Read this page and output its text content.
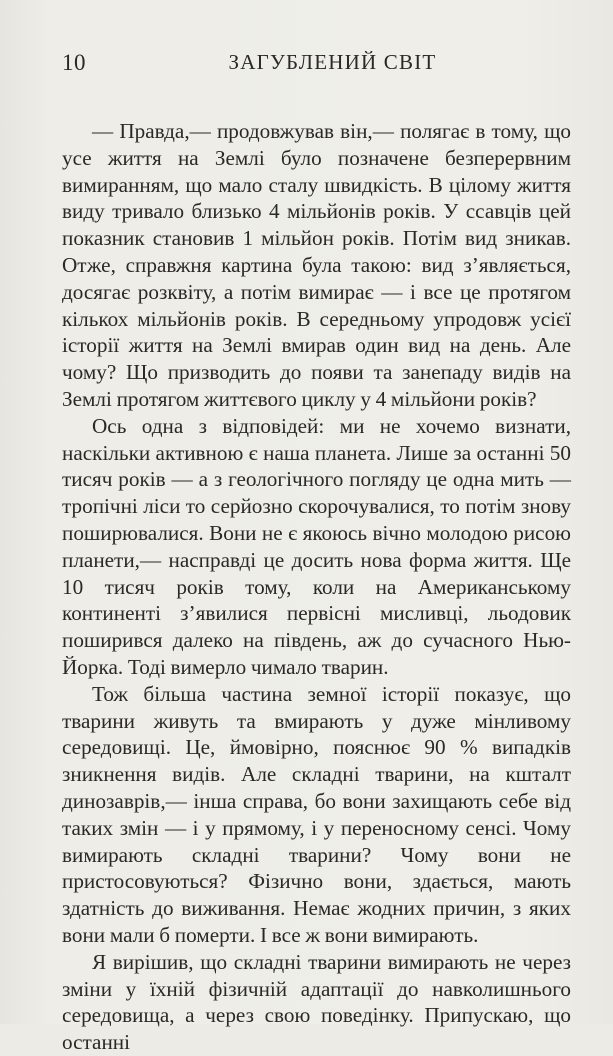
10	ЗАГУБЛЕНИЙ СВІТ

— Правда,— продовжував він,— полягає в тому, що усе життя на Землі було позначене безперервним вимиранням, що мало сталу швидкість. В цілому життя виду тривало близько 4 мільйонів років. У ссавців цей показник становив 1 мільйон років. Потім вид зникав. Отже, справжня картина була такою: вид з’являється, досягає розквіту, а потім вимирає — і все це протягом кількох мільйонів років. В середньому упродовж усієї історії життя на Землі вмирав один вид на день. Але чому? Що призводить до появи та занепаду видів на Землі протягом життєвого циклу у 4 мільйони років?

Ось одна з відповідей: ми не хочемо визнати, наскільки активною є наша планета. Лише за останні 50 тисяч років — а з геологічного погляду це одна мить — тропічні ліси то серйозно скорочувалися, то потім знову поширювалися. Вони не є якоюсь вічно молодою рисою планети,— насправді це досить нова форма життя. Ще 10 тисяч років тому, коли на Американському континенті з’явилися первісні мисливці, льодовик поширився далеко на південь, аж до сучасного Нью-Йорка. Тоді вимерло чимало тварин.

Тож більша частина земної історії показує, що тварини живуть та вмирають у дуже мінливому середовищі. Це, ймовірно, пояснює 90 % випадків зникнення видів. Але складні тварини, на кшталт динозаврів,— інша справа, бо вони захищають себе від таких змін — і у прямому, і у переносному сенсі. Чому вимирають складні тварини? Чому вони не пристосовуються? Фізично вони, здається, мають здатність до виживання. Немає жодних причин, з яких вони мали б померти. І все ж вони вимирають.

Я вирішив, що складні тварини вимирають не через зміни у їхній фізичній адаптації до навколишнього середовища, а через свою поведінку. Припускаю, що останні
